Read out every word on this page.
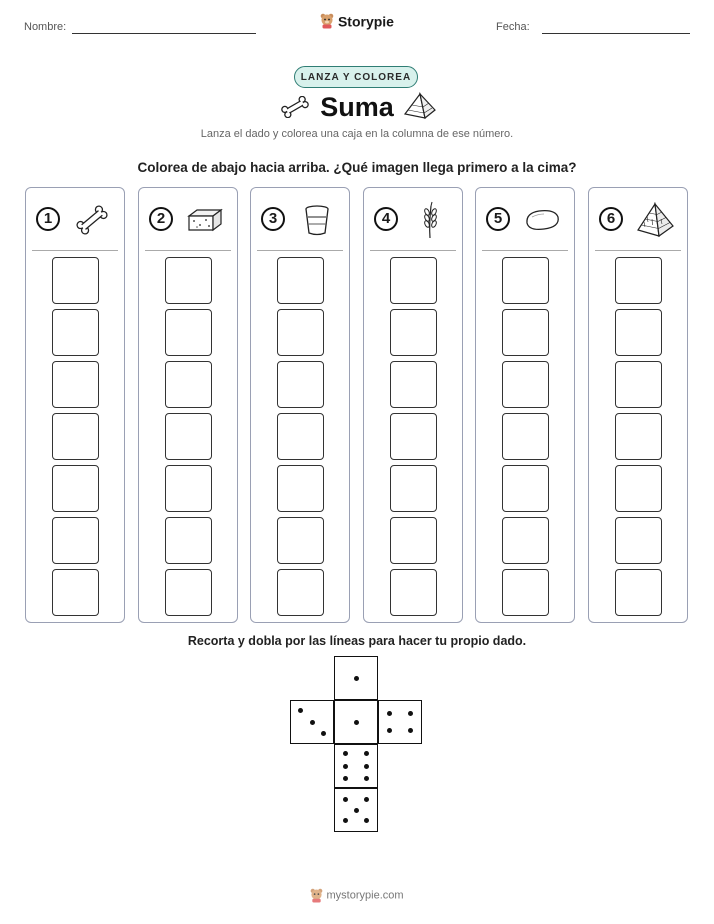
Nombre:	Fecha:
Storypie
LANZA Y COLOREA
Suma
Lanza el dado y colorea una caja en la columna de ese número.
Colorea de abajo hacia arriba. ¿Qué imagen llega primero a la cima?
1	2	3	4	5	6
Recorta y dobla por las líneas para hacer tu propio dado.
mystorypie.com
